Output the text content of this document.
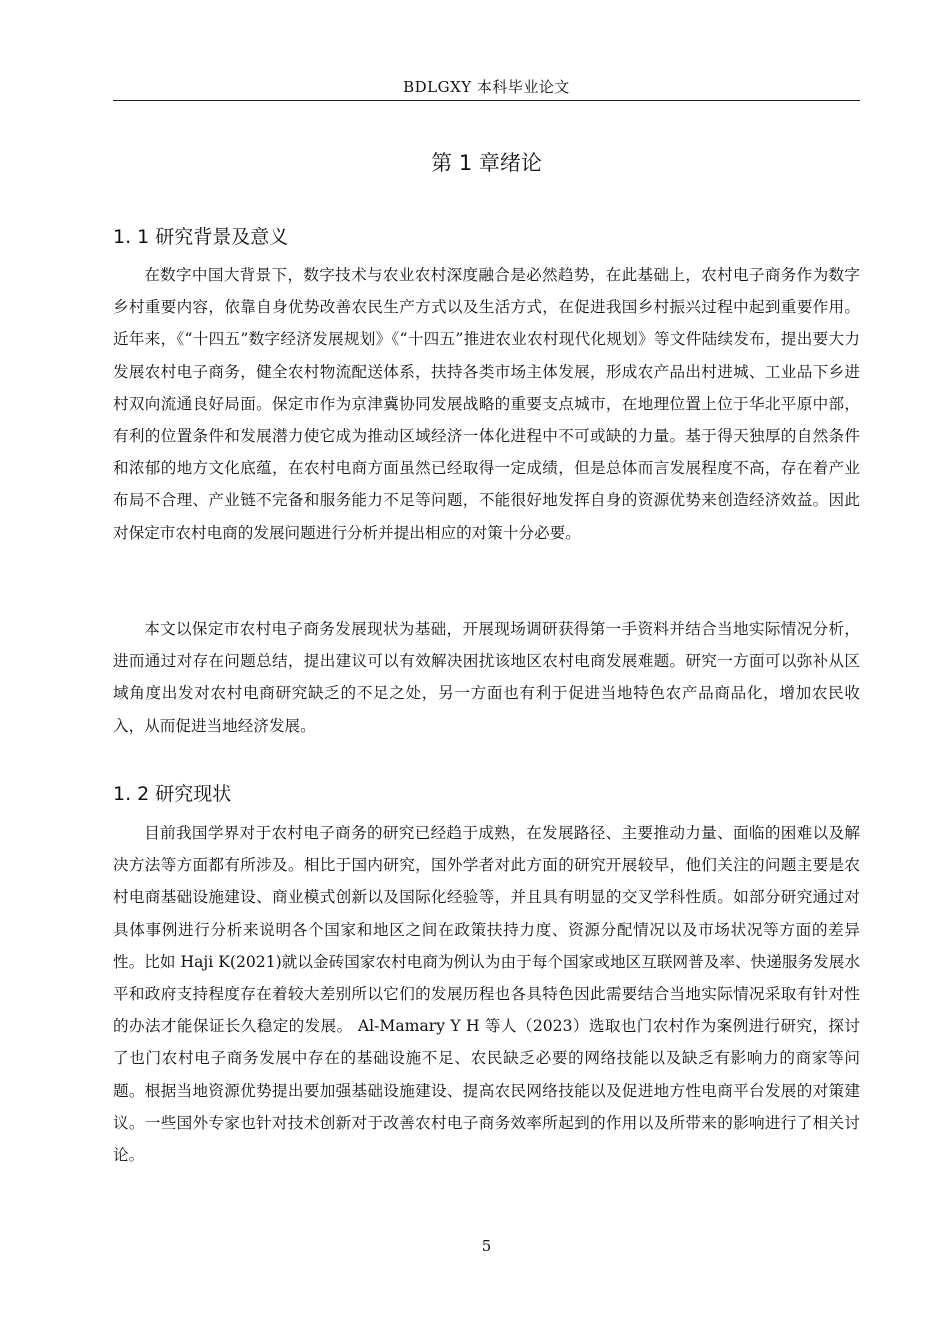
BDLGXY 本科毕业论文
第 1 章绪论
1. 1 研究背景及意义

在数字中国大背景下，数字技术与农业农村深度融合是必然趋势，在此基础上，农村电子商务作为数字乡村重要内容，依靠自身优势改善农民生产方式以及生活方式，在促进我国乡村振兴过程中起到重要作用。近年来，《“十四五”数字经济发展规划》《“十四五”推进农业农村现代化规划》等文件陆续发布，提出要大力发展农村电子商务，健全农村物流配送体系，扶持各类市场主体发展，形成农产品出村进城、工业品下乡进村双向流通良好局面。保定市作为京津冀协同发展战略的重要支点城市，在地理位置上位于华北平原中部，有利的位置条件和发展潜力使它成为推动区域经济一体化进程中不可或缺的力量。基于得天独厚的自然条件和浓郁的地方文化底蕴，在农村电商方面虽然已经取得一定成绩，但是总体而言发展程度不高，存在着产业布局不合理、产业链不完备和服务能力不足等问题，不能很好地发挥自身的资源优势来创造经济效益。因此对保定市农村电商的发展问题进行分析并提出相应的对策十分必要。

本文以保定市农村电子商务发展现状为基础，开展现场调研获得第一手资料并结合当地实际情况分析，进而通过对存在问题总结，提出建议可以有效解决困扰该地区农村电商发展难题。研究一方面可以弥补从区域角度出发对农村电商研究缺乏的不足之处，另一方面也有利于促进当地特色农产品商品化，增加农民收入，从而促进当地经济发展。

1. 2 研究现状

目前我国学界对于农村电子商务的研究已经趋于成熟，在发展路径、主要推动力量、面临的困难以及解决方法等方面都有所涉及。相比于国内研究，国外学者对此方面的研究开展较早，他们关注的问题主要是农村电商基础设施建设、商业模式创新以及国际化经验等，并且具有明显的交叉学科性质。如部分研究通过对具体事例进行分析来说明各个国家和地区之间在政策扶持力度、资源分配情况以及市场状况等方面的差异性。比如 Haji K(2021)就以金砖国家农村电商为例认为由于每个国家或地区互联网普及率、快递服务发展水平和政府支持程度存在着较大差别所以它们的发展历程也各具特色因此需要结合当地实际情况采取有针对性的办法才能保证长久稳定的发展。 Al-Mamary Y H 等人（2023）选取也门农村作为案例进行研究，探讨了也门农村电子商务发展中存在的基础设施不足、农民缺乏必要的网络技能以及缺乏有影响力的商家等问题。根据当地资源优势提出要加强基础设施建设、提高农民网络技能以及促进地方性电商平台发展的对策建议。一些国外专家也针对技术创新对于改善农村电子商务效率所起到的作用以及所带来的影响进行了相关讨论。

5
